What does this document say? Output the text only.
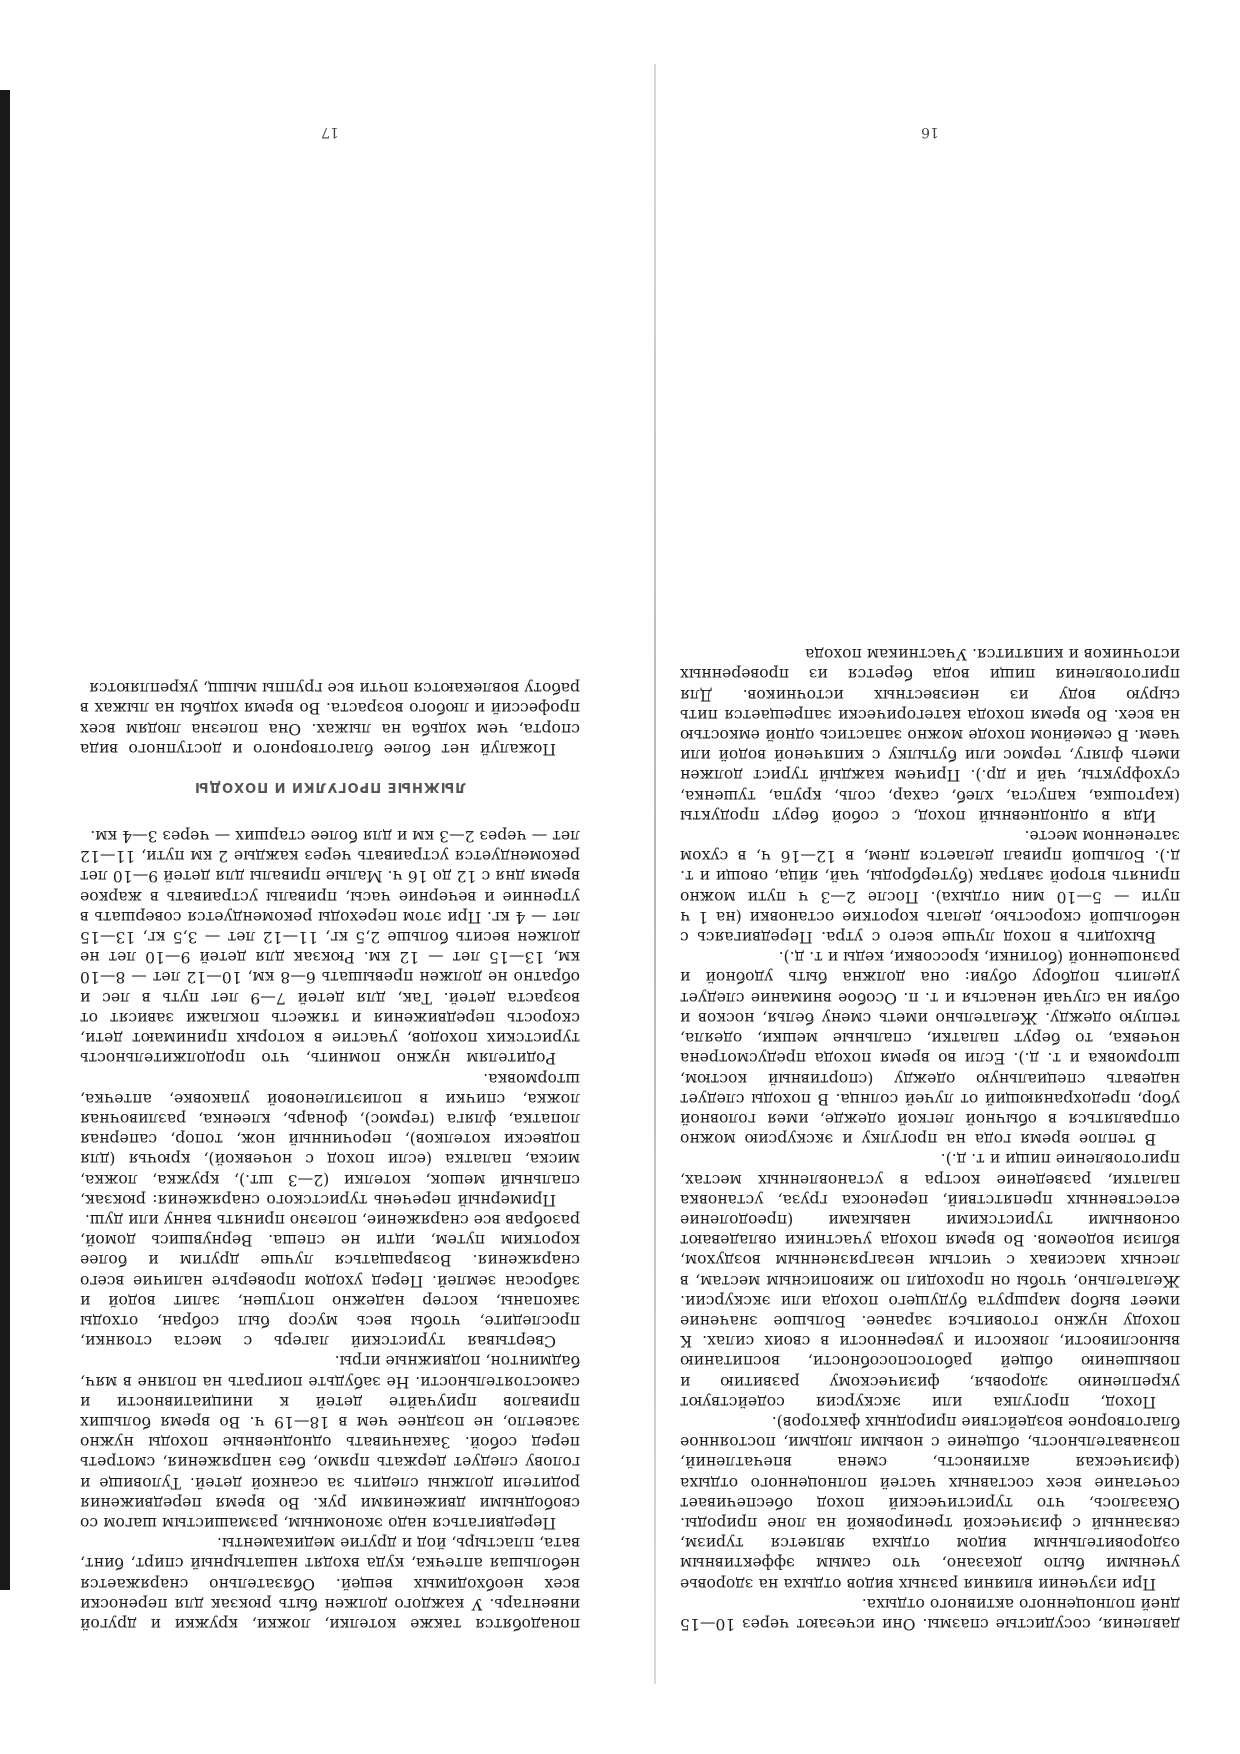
давления, сосудистые спазмы. Они исчезают через 10—15 дней полноценного активного отдыха.

При изучении влияния разных видов отдыха на здоровье учеными было доказано, что самым эффективным оздоровительным видом отдыха является туризм, связанный с физической тренировкой на лоне природы. Оказалось, что туристический поход обеспечивает сочетание всех составных частей полноценного отдыха (физическая активность, смена впечатлений, познавательность, общение с новыми людьми, постоянное благотворное воздействие природных факторов).

Поход, прогулка или экскурсия содействуют укреплению здоровья, физическому развитию и повышению общей работоспособности, воспитанию выносливости, ловкости и уверенности в своих силах. К походу нужно готовиться заранее. Большое значение имеет выбор маршрута будущего похода или экскурсии. Желательно, чтобы он проходил по живописным местам, в лесных массивах с чистым незагрязненным воздухом, вблизи водоемов. Во время похода участники овладевают основными туристскими навыками (преодоление естественных препятствий, переноска груза, установка палатки, разведение костра в установленных местах, приготовление пищи и т. д.).

В теплое время года на прогулку и экскурсию можно отправляться в обычной легкой одежде, имея головной убор, предохраняющий от лучей солнца. В походы следует надевать специальную одежду (спортивный костюм, штормовка и т. д.). Если во время похода предусмотрена ночевка, то берут палатки, спальные мешки, одеяла, теплую одежду. Желательно иметь смену белья, носков и обуви на случай ненастья и т. п. Особое внимание следует уделить подбору обуви: она должна быть удобной и разношенной (ботинки, кроссовки, кеды и т. д.).

Выходить в поход лучше всего с утра. Передвигаясь с небольшой скоростью, делать короткие остановки (на 1 ч пути — 5—10 мин отдыха). После 2—3 ч пути можно принять второй завтрак (бутерброды, чай, яйца, овощи и т. д.). Большой привал делается днем, в 12—16 ч, в сухом затененном месте.

Идя в однодневный поход, с собой берут продукты (картошка, капуста, хлеб, сахар, соль, крупа, тушенка, сухофрукты, чай и др.). Причем каждый турист должен иметь флягу, термос или бутылку с кипяченой водой или чаем. В семейном походе можно запастись одной емкостью на всех. Во время похода категорически запрещается пить сырую воду из неизвестных источников. Для приготовления пищи вода берется из проверенных источников и кипятится. Участникам похода

16

понадобятся также котелки, ложки, кружки и другой инвентарь. У каждого должен быть рюкзак для переноски всех необходимых вещей. Обязательно снаряжается небольшая аптечка, куда входят нашатырный спирт, бинт, вата, пластырь, йод и другие медикаменты.

Передвигаться надо экономным, размашистым шагом со свободными движениями рук. Во время передвижения родители должны следить за осанкой детей. Туловище и голову следует держать прямо, без напряжения, смотреть перед собой. Заканчивать однодневные походы нужно засветло, не позднее чем в 18—19 ч. Во время больших привалов приучайте детей к инициативности и самостоятельности. Не забудьте поиграть на поляне в мяч, бадминтон, подвижные игры.

Свертывая туристский лагерь с места стоянки, проследите, чтобы весь мусор был собран, отходы закопаны, костер надежно потушен, залит водой и забросан землей. Перед уходом проверьте наличие всего снаряжения. Возвращаться лучше другим и более коротким путем, идти не спеша. Вернувшись домой, разобрав все снаряжение, полезно принять ванну или душ.

Примерный перечень туристского снаряжения: рюкзак, спальный мешок, котелки (2—3 шт.), кружка, ложка, миска, палатка (если поход с ночевкой), крючья (для подвески котелков), перочинный нож, топор, саперная лопатка, фляга (термос), фонарь, клеенка, разливочная ложка, спички в полиэтиленовой упаковке, аптечка, штормовка.

Родителям нужно помнить, что продолжительность туристских походов, участие в которых принимают дети, скорость передвижения и тяжесть поклажи зависят от возраста детей. Так, для детей 7—9 лет путь в лес и обратно не должен превышать 6—8 км, 10—12 лет — 8—10 км, 13—15 лет — 12 км. Рюкзак для детей 9—10 лет не должен весить больше 2,5 кг, 11—12 лет — 3,5 кг, 13—15 лет — 4 кг. При этом переходы рекомендуется совершать в утренние и вечерние часы, привалы устраивать в жаркое время дня с 12 до 16 ч. Малые привалы для детей 9—10 лет рекомендуется устраивать через каждые 2 км пути, 11—12 лет — через 2—3 км и для более старших — через 3—4 км.

ЛЫЖНЫЕ ПРОГУЛКИ И ПОХОДЫ

Пожалуй нет более благотворного и доступного вида спорта, чем ходьба на лыжах. Она полезна людям всех профессий и любого возраста. Во время ходьбы на лыжах в работу вовлекаются почти все группы мышц, укрепляются

17
